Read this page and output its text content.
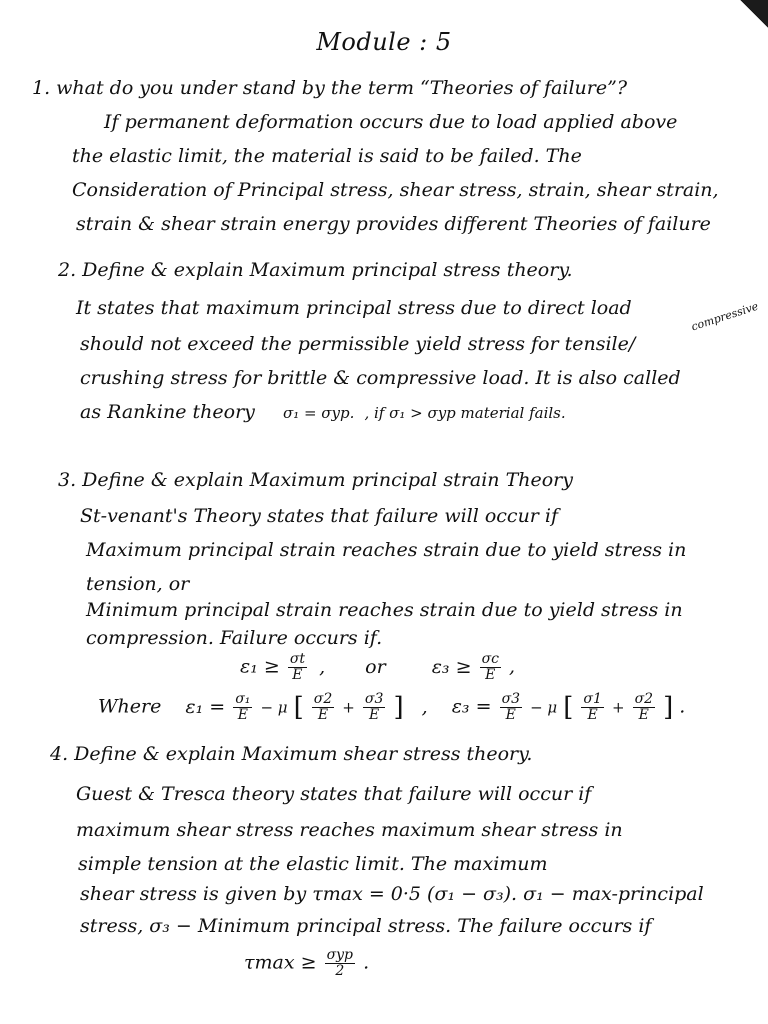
Module : 5
1. what do you under stand by the term “Theories of failure”?
If permanent deformation occurs due to load applied above
the elastic limit, the material is said to be failed. The
Consideration of Principal stress, shear stress, strain, shear strain,
strain & shear strain energy provides different Theories of failure
2. Define & explain Maximum principal stress theory.
It states that maximum principal stress due to direct load	compressive
should not exceed the permissible yield stress for tensile/
crushing stress for brittle & compressive load. It is also called
as Rankine theory σ₁ = σyp. , if σ₁ > σyp material fails.
3. Define & explain Maximum principal strain Theory
St-venant's Theory states that failure will occur if
Maximum principal strain reaches strain due to yield stress in
tension, or
Minimum principal strain reaches strain due to yield stress in
compression. Failure occurs if.
$\varepsilon_1 \ge \frac{\sigma t}{E}$ , or $\varepsilon_3 \ge \frac{\sigma c}{E}$ ,
Where $\varepsilon_1 = \frac{\text{σ₁}}{E} - \mu$ [ $\frac{\sigma 2}{E} + \frac{\sigma 3}{E}$ ] , $\varepsilon_3 = \frac{\sigma 3}{E} - \mu$ [ $\frac{\sigma 1}{E} + \frac{\sigma 2}{E}$ ] .
4. Define & explain Maximum shear stress theory.
Guest & Tresca theory states that failure will occur if
maximum shear stress reaches maximum shear stress in
simple tension at the elastic limit. The maximum
shear stress is given by τmax = 0·5 (σ₁ − σ₃). σ₁ − max-principal
stress, σ₃ − Minimum principal stress. The failure occurs if
$\tau\max \ge \frac{\text{σyp}}{2}$ .
